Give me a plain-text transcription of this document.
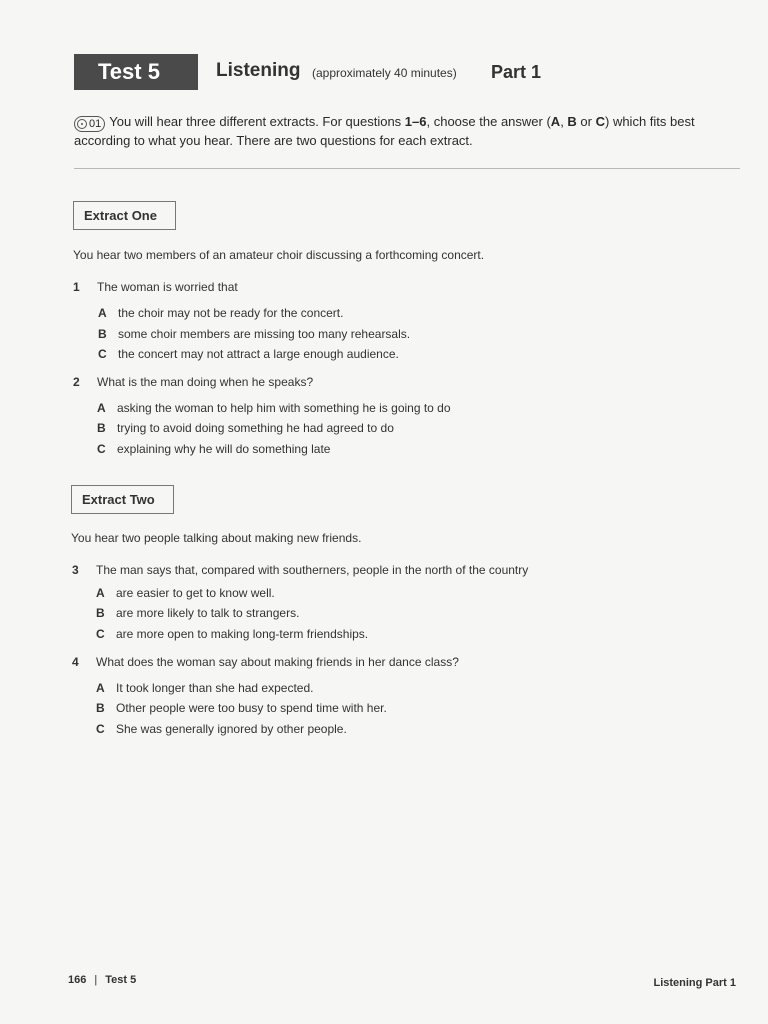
Test 5	Listening (approximately 40 minutes) Part 1
01 You will hear three different extracts. For questions 1–6, choose the answer (A, B or C) which fits best according to what you hear. There are two questions for each extract.
Extract One
You hear two members of an amateur choir discussing a forthcoming concert.
1 The woman is worried that
A the choir may not be ready for the concert.
B some choir members are missing too many rehearsals.
C the concert may not attract a large enough audience.
2 What is the man doing when he speaks?
A asking the woman to help him with something he is going to do
B trying to avoid doing something he had agreed to do
C explaining why he will do something late
Extract Two
You hear two people talking about making new friends.
3 The man says that, compared with southerners, people in the north of the country
A are easier to get to know well.
B are more likely to talk to strangers.
C are more open to making long-term friendships.
4 What does the woman say about making friends in her dance class?
A It took longer than she had expected.
B Other people were too busy to spend time with her.
C She was generally ignored by other people.
166 | Test 5	Listening Part 1
